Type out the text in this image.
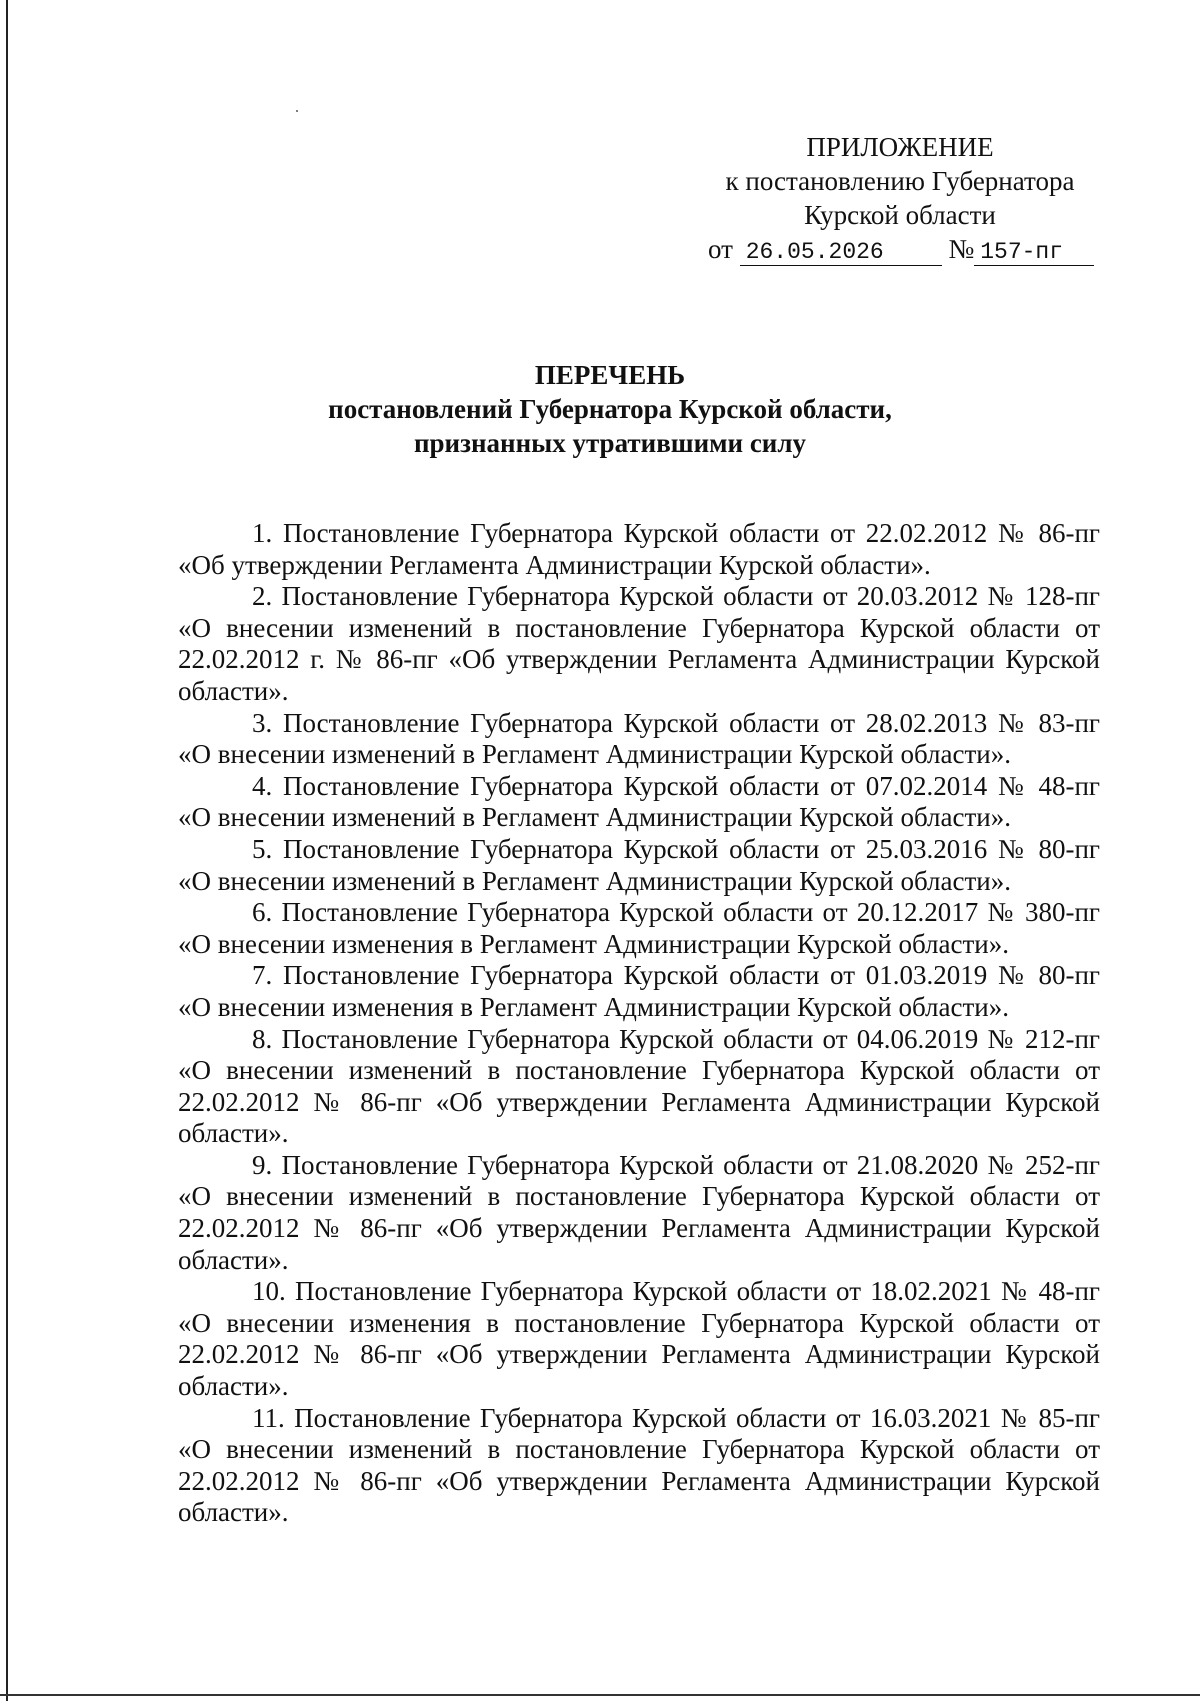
ПРИЛОЖЕНИЕ
к постановлению Губернатора
Курской области
от 26.05.2026 № 157-пг
ПЕРЕЧЕНЬ
постановлений Губернатора Курской области,
признанных утратившими силу

1. Постановление Губернатора Курской области от 22.02.2012 № 86-пг «Об утверждении Регламента Администрации Курской области».

2. Постановление Губернатора Курской области от 20.03.2012 № 128-пг «О внесении изменений в постановление Губернатора Курской области от 22.02.2012 г. № 86-пг «Об утверждении Регламента Администрации Курской области».

3. Постановление Губернатора Курской области от 28.02.2013 № 83-пг «О внесении изменений в Регламент Администрации Курской области».

4. Постановление Губернатора Курской области от 07.02.2014 № 48-пг «О внесении изменений в Регламент Администрации Курской области».

5. Постановление Губернатора Курской области от 25.03.2016 № 80-пг «О внесении изменений в Регламент Администрации Курской области».

6. Постановление Губернатора Курской области от 20.12.2017 № 380-пг «О внесении изменения в Регламент Администрации Курской области».

7. Постановление Губернатора Курской области от 01.03.2019 № 80-пг «О внесении изменения в Регламент Администрации Курской области».

8. Постановление Губернатора Курской области от 04.06.2019 № 212-пг «О внесении изменений в постановление Губернатора Курской области от 22.02.2012 № 86-пг «Об утверждении Регламента Администрации Курской области».

9. Постановление Губернатора Курской области от 21.08.2020 № 252-пг «О внесении изменений в постановление Губернатора Курской области от 22.02.2012 № 86-пг «Об утверждении Регламента Администрации Курской области».

10. Постановление Губернатора Курской области от 18.02.2021 № 48-пг «О внесении изменения в постановление Губернатора Курской области от 22.02.2012 № 86-пг «Об утверждении Регламента Администрации Курской области».

11. Постановление Губернатора Курской области от 16.03.2021 № 85-пг «О внесении изменений в постановление Губернатора Курской области от 22.02.2012 № 86-пг «Об утверждении Регламента Администрации Курской области».
